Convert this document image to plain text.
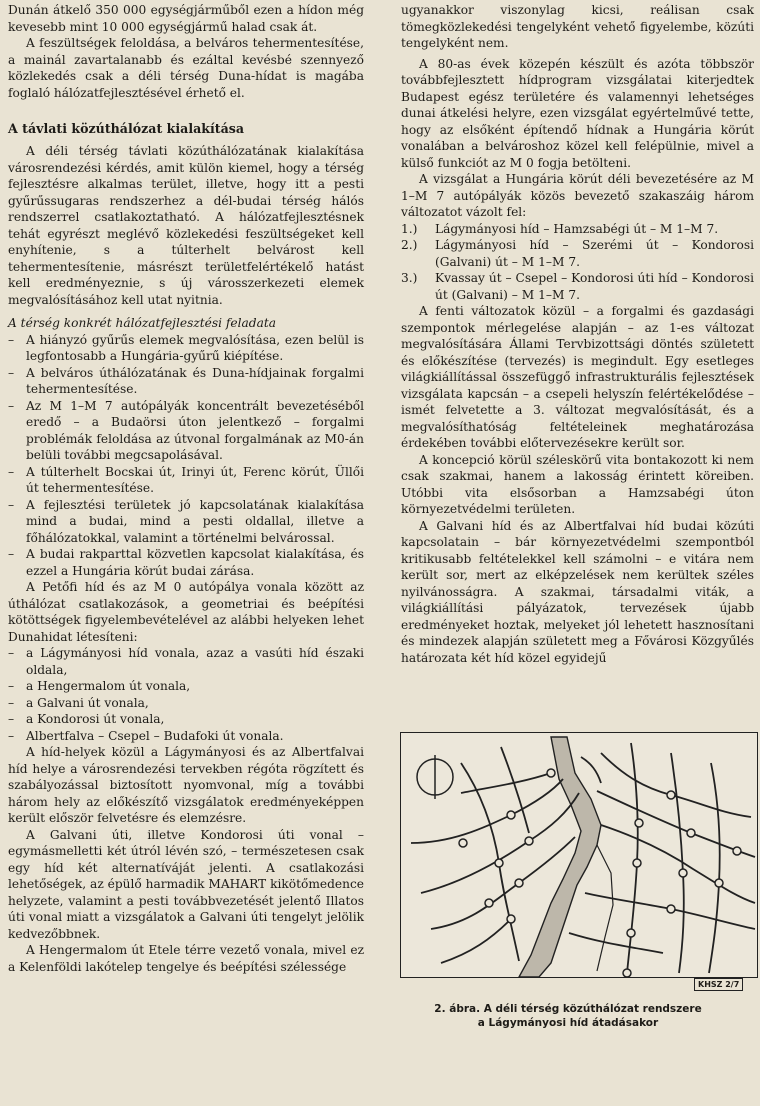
Dunán átkelő 350 000 egységjárműből ezen a hídon még kevesebb mint 10 000 egységjármű halad csak át.

A feszültségek feloldása, a belváros tehermentesítése, a mainál zavartalanabb és ezáltal kevésbé szennyező közlekedés csak a déli térség Duna-hídat is magába foglaló hálózatfejlesztésével érhető el.

A távlati közúthálózat kialakítása

A déli térség távlati közúthálózatának kialakítása városrendezési kérdés, amit külön kiemel, hogy a térség fejlesztésre alkalmas terület, illetve, hogy itt a pesti gyűrűssugaras rendszerhez a dél-budai térség hálós rendszerrel csatlakoztatható. A hálózatfejlesztésnek tehát egyrészt meglévő közlekedési feszültségeket kell enyhítenie, s a túlterhelt belvárost kell tehermentesítenie, másrészt területfelértékelő hatást kell eredményeznie, s új városszerkezeti elemek megvalósításához kell utat nyitnia.

A térség konkrét hálózatfejlesztési feladata

– A hiányzó gyűrűs elemek megvalósítása, ezen belül is legfontosabb a Hungária-gyűrű kiépítése.
– A belváros úthálózatának és Duna-hídjainak forgalmi tehermentesítése.
– Az M 1–M 7 autópályák koncentrált bevezetéséből eredő – a Budaörsi úton jelentkező – forgalmi problémák feloldása az útvonal forgalmának az M0-án belüli további megcsapolásával.
– A túlterhelt Bocskai út, Irinyi út, Ferenc körút, Üllői út tehermentesítése.
– A fejlesztési területek jó kapcsolatának kialakítása mind a budai, mind a pesti oldallal, illetve a főhálózatokkal, valamint a történelmi belvárossal.
– A budai rakparttal közvetlen kapcsolat kialakítása, és ezzel a Hungária körút budai zárása.

A Petőfi híd és az M 0 autópálya vonala között az úthálózat csatlakozások, a geometriai és beépítési kötöttségek figyelembevételével az alábbi helyeken lehet Dunahidat létesíteni:

– a Lágymányosi híd vonala, azaz a vasúti híd északi oldala,
– a Hengermalom út vonala,
– a Galvani út vonala,
– a Kondorosi út vonala,
– Albertfalva – Csepel – Budafoki út vonala.

A híd-helyek közül a Lágymányosi és az Albertfalvai híd helye a városrendezési tervekben régóta rögzített és szabályozással biztosított nyomvonal, míg a további három hely az előkészítő vizsgálatok eredményeképpen került először felvetésre és elemzésre.

A Galvani úti, illetve Kondorosi úti vonal – egymásmelletti két útról lévén szó, – természetesen csak egy híd két alternatíváját jelenti. A csatlakozási lehetőségek, az épülő harmadik MAHART kikötőmedence helyzete, valamint a pesti továbbvezetését jelentő Illatos úti vonal miatt a vizsgálatok a Galvani úti tengelyt jelölik kedvezőbbnek.

A Hengermalom út Etele térre vezető vonala, mivel ez a Kelenföldi lakótelep tengelye és beépítési szélessége

ugyanakkor viszonylag kicsi, reálisan csak tömegközlekedési tengelyként vehető figyelembe, közúti tengelyként nem.

A 80-as évek közepén készült és azóta többször továbbfejlesztett hídprogram vizsgálatai kiterjedtek Budapest egész területére és valamennyi lehetséges dunai átkelési helyre, ezen vizsgálat egyértelművé tette, hogy az elsőként építendő hídnak a Hungária körút vonalában a belvároshoz közel kell felépülnie, mivel a külső funkciót az M 0 fogja betölteni.

A vizsgálat a Hungária körút déli bevezetésére az M 1–M 7 autópályák közös bevezető szakaszáig három változatot vázolt fel:

1.)	Lágymányosi híd – Hamzsabégi út – M 1–M 7.
2.)	Lágymányosi híd – Szerémi út – Kondorosi (Galvani) út – M 1–M 7.
3.)	Kvassay út – Csepel – Kondorosi úti híd – Kondorosi út (Galvani) – M 1–M 7.

A fenti változatok közül – a forgalmi és gazdasági szempontok mérlegelése alapján – az 1-es változat megvalósítására Állami Tervbizottsági döntés született és előkészítése (tervezés) is megindult. Egy esetleges világkiállítással összefüggő infrastrukturális fejlesztések vizsgálata kapcsán – a csepeli helyszín felértékelődése – ismét felvetette a 3. változat megvalósítását, és a megvalósíthatóság feltételeinek meghatározása érdekében további előtervezésekre került sor.

A koncepció körül széleskörű vita bontakozott ki nem csak szakmai, hanem a lakosság érintett köreiben. Utóbbi vita elsősorban a Hamzsabégi úton környezetvédelmi területen.

A Galvani híd és az Albertfalvai híd budai közúti kapcsolatain – bár környezetvédelmi szempontból kritikusabb feltételekkel kell számolni – e vitára nem került sor, mert az elképzelések nem kerültek széles nyilvánosságra. A szakmai, társadalmi viták, a világkiállítási pályázatok, tervezések újabb eredményeket hoztak, melyeket jól lehetett hasznosítani és mindezek alapján született meg a Fővárosi Közgyűlés határozata két híd közel egyidejű

KHSZ 2/7
2. ábra. A déli térség közúthálózat rendszere
a Lágymányosi híd átadásakor
